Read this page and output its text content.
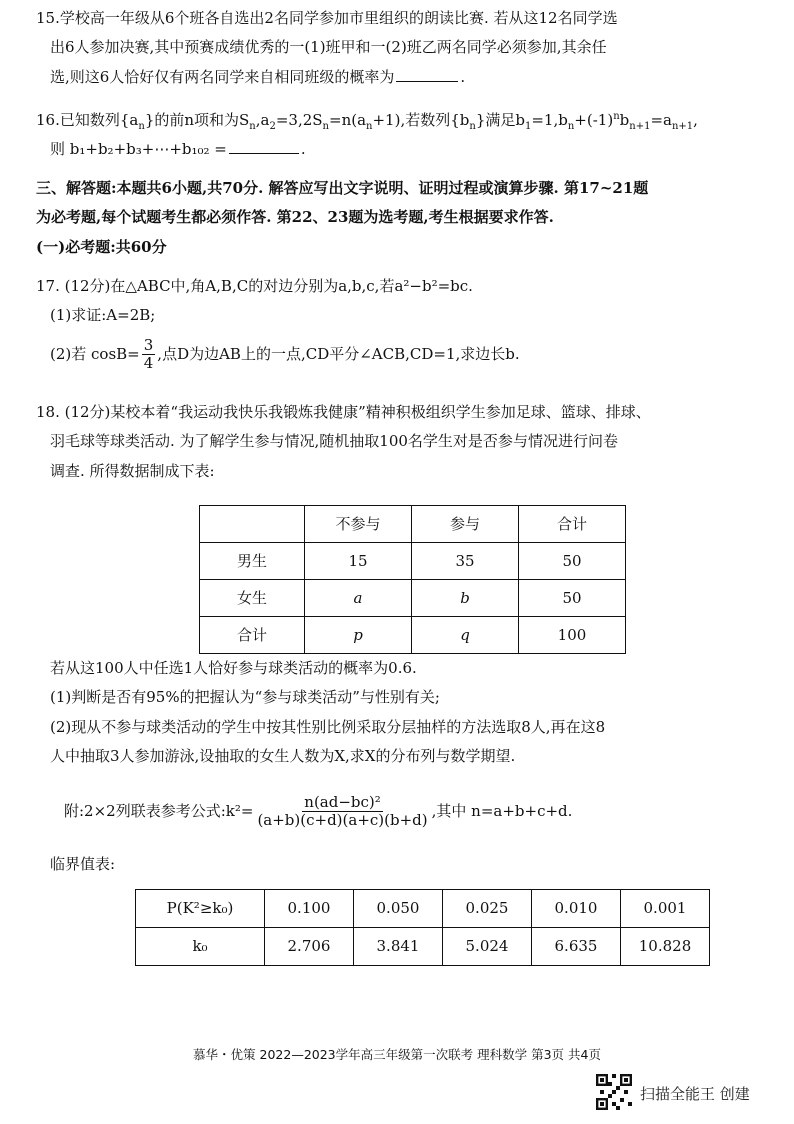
15.学校高一年级从6个班各自选出2名同学参加市里组织的朗读比赛. 若从这12名同学选
出6人参加决赛,其中预赛成绩优秀的一(1)班甲和一(2)班乙两名同学必须参加,其余任
选,则这6人恰好仅有两名同学来自相同班级的概率为	.
16.已知数列$\{a_n\}$的前n项和为$S_n,a_2=3,2S_n=n(a_n+1)$,若数列$\{b_n\}$满足$b_1=1,b_n+(-1)^nb_{n+1}=a_{n+1}$,
则 b₁+b₂+b₃+⋯+b₁₀₂ =	.
三、解答题:本题共6小题,共70分. 解答应写出文字说明、证明过程或演算步骤. 第17~21题
为必考题,每个试题考生都必须作答. 第22、23题为选考题,考生根据要求作答.
(一)必考题:共60分
17. (12分)在△ABC中,角A,B,C的对边分别为a,b,c,若a²−b²=bc.
(1)求证:A=2B;
(2)若 $\cos B= \frac{3}{4}$ ,点D为边AB上的一点,CD平分∠ACB,CD=1,求边长b.
18. (12分)某校本着“我运动我快乐我锻炼我健康”精神积极组织学生参加足球、篮球、排球、
羽毛球等球类活动. 为了解学生参与情况,随机抽取100名学生对是否参与情况进行问卷
调查. 所得数据制成下表:
	不参与	参与	合计
男生	15	35	50
女生	a	b	50
合计	p	q	100
若从这100人中任选1人恰好参与球类活动的概率为0.6.
(1)判断是否有95%的把握认为“参与球类活动”与性别有关;
(2)现从不参与球类活动的学生中按其性别比例采取分层抽样的方法选取8人,再在这8
人中抽取3人参加游泳,设抽取的女生人数为X,求X的分布列与数学期望.
附:2×2列联表参考公式:k²= $\frac{\text{n(ad−bc)²}}{(a+b)(c+d)(a+c)(b+d)}$ ,其中 n=a+b+c+d.
临界值表:
P(K²≥k₀)	0.100	0.050	0.025	0.010	0.001
k₀	2.706	3.841	5.024	6.635	10.828
慕华・优策 2022—2023学年高三年级第一次联考 理科数学 第3页 共4页
扫描全能王 创建
